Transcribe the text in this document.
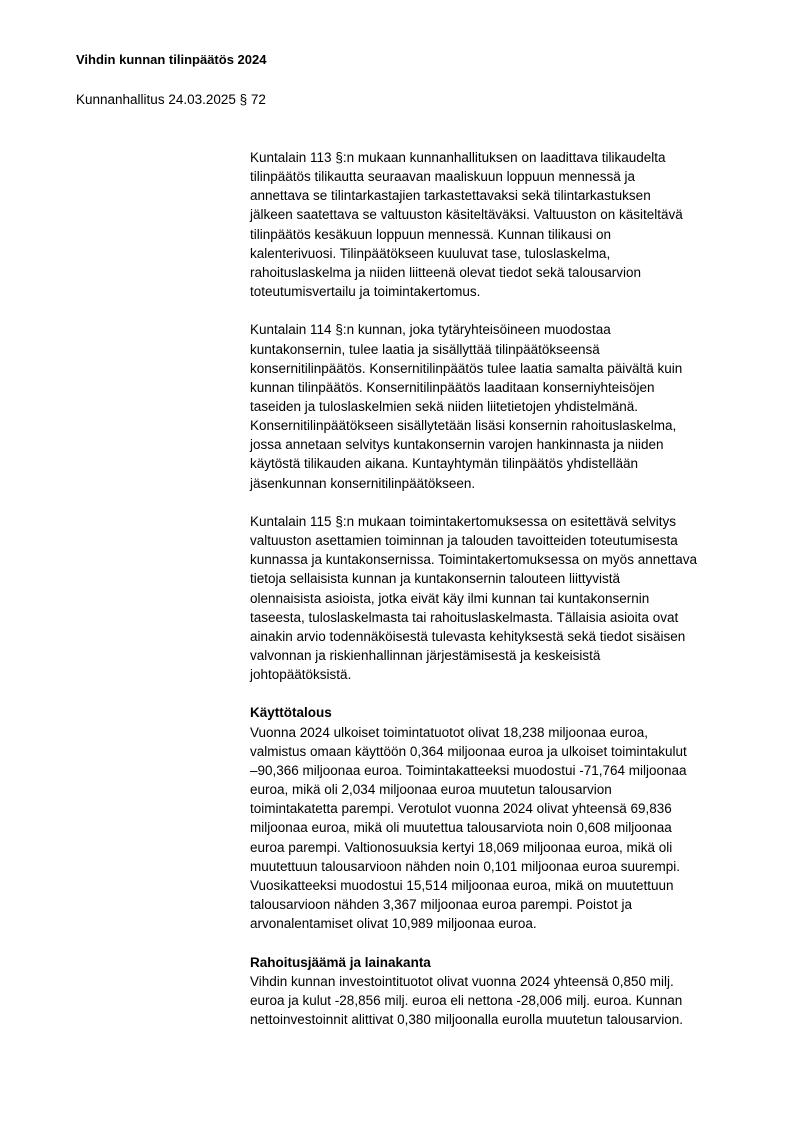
Vihdin kunnan tilinpäätös 2024
Kunnanhallitus 24.03.2025 § 72
Kuntalain 113 §:n mukaan kunnanhallituksen on laadittava tilikaudelta
tilinpäätös tilikautta seuraavan maaliskuun loppuun mennessä ja
annettava se tilintarkastajien tarkastettavaksi sekä tilintarkastuksen
jälkeen saatettava se valtuuston käsiteltäväksi. Valtuuston on käsiteltävä
tilinpäätös kesäkuun loppuun mennessä. Kunnan tilikausi on
kalenterivuosi. Tilinpäätökseen kuuluvat tase, tuloslaskelma,
rahoituslaskelma ja niiden liitteenä olevat tiedot sekä talousarvion
toteutumisvertailu ja toimintakertomus.
Kuntalain 114 §:n kunnan, joka tytäryhteisöineen muodostaa
kuntakonsernin, tulee laatia ja sisällyttää tilinpäätökseensä
konsernitilinpäätös. Konsernitilinpäätös tulee laatia samalta päivältä kuin
kunnan tilinpäätös. Konsernitilinpäätös laaditaan konserniyhteisöjen
taseiden ja tuloslaskelmien sekä niiden liitetietojen yhdistelmänä.
Konsernitilinpäätökseen sisällytetään lisäsi konsernin rahoituslaskelma,
jossa annetaan selvitys kuntakonsernin varojen hankinnasta ja niiden
käytöstä tilikauden aikana. Kuntayhtymän tilinpäätös yhdistellään
jäsenkunnan konsernitilinpäätökseen.
Kuntalain 115 §:n mukaan toimintakertomuksessa on esitettävä selvitys
valtuuston asettamien toiminnan ja talouden tavoitteiden toteutumisesta
kunnassa ja kuntakonsernissa. Toimintakertomuksessa on myös annettava
tietoja sellaisista kunnan ja kuntakonsernin talouteen liittyvistä
olennaisista asioista, jotka eivät käy ilmi kunnan tai kuntakonsernin
taseesta, tuloslaskelmasta tai rahoituslaskelmasta. Tällaisia asioita ovat
ainakin arvio todennäköisestä tulevasta kehityksestä sekä tiedot sisäisen
valvonnan ja riskienhallinnan järjestämisestä ja keskeisistä
johtopäätöksistä.
Käyttötalous
Vuonna 2024 ulkoiset toimintatuotot olivat 18,238 miljoonaa euroa,
valmistus omaan käyttöön 0,364 miljoonaa euroa ja ulkoiset toimintakulut
–90,366 miljoonaa euroa. Toimintakatteeksi muodostui -71,764 miljoonaa
euroa, mikä oli 2,034 miljoonaa euroa muutetun talousarvion
toimintakatetta parempi. Verotulot vuonna 2024 olivat yhteensä 69,836
miljoonaa euroa, mikä oli muutettua talousarviota noin 0,608 miljoonaa
euroa parempi. Valtionosuuksia kertyi 18,069 miljoonaa euroa, mikä oli
muutettuun talousarvioon nähden noin 0,101 miljoonaa euroa suurempi.
Vuosikatteeksi muodostui 15,514 miljoonaa euroa, mikä on muutettuun
talousarvioon nähden 3,367 miljoonaa euroa parempi. Poistot ja
arvonalentamiset olivat 10,989 miljoonaa euroa.
Rahoitusjäämä ja lainakanta
Vihdin kunnan investointituotot olivat vuonna 2024 yhteensä 0,850 milj.
euroa ja kulut -28,856 milj. euroa eli nettona -28,006 milj. euroa. Kunnan
nettoinvestoinnit alittivat 0,380 miljoonalla eurolla muutetun talousarvion.
